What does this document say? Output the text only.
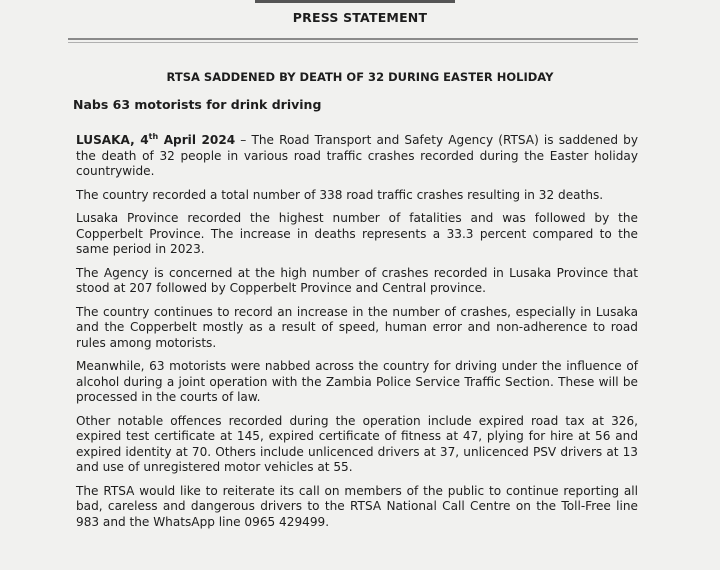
PRESS STATEMENT
RTSA SADDENED BY DEATH OF 32 DURING EASTER HOLIDAY
Nabs 63 motorists for drink driving

LUSAKA, 4th April 2024 – The Road Transport and Safety Agency (RTSA) is saddened by the death of 32 people in various road traffic crashes recorded during the Easter holiday countrywide.

The country recorded a total number of 338 road traffic crashes resulting in 32 deaths.

Lusaka Province recorded the highest number of fatalities and was followed by the Copperbelt Province. The increase in deaths represents a 33.3 percent compared to the same period in 2023.

The Agency is concerned at the high number of crashes recorded in Lusaka Province that stood at 207 followed by Copperbelt Province and Central province.

The country continues to record an increase in the number of crashes, especially in Lusaka and the Copperbelt mostly as a result of speed, human error and non-adherence to road rules among motorists.

Meanwhile, 63 motorists were nabbed across the country for driving under the influence of alcohol during a joint operation with the Zambia Police Service Traffic Section. These will be processed in the courts of law.

Other notable offences recorded during the operation include expired road tax at 326, expired test certificate at 145, expired certificate of fitness at 47, plying for hire at 56 and expired identity at 70. Others include unlicenced drivers at 37, unlicenced PSV drivers at 13 and use of unregistered motor vehicles at 55.

The RTSA would like to reiterate its call on members of the public to continue reporting all bad, careless and dangerous drivers to the RTSA National Call Centre on the Toll-Free line 983 and the WhatsApp line 0965 429499.
